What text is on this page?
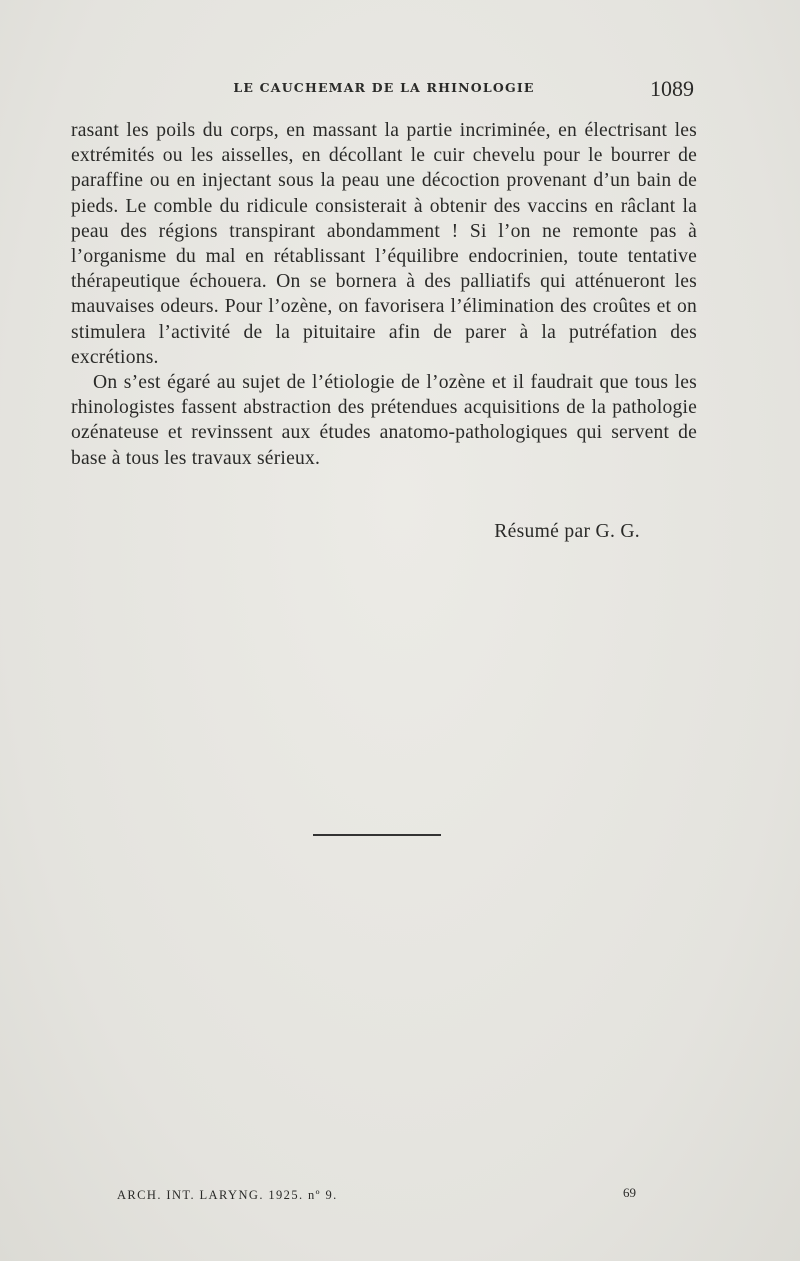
LE CAUCHEMAR DE LA RHINOLOGIE	1089

rasant les poils du corps, en massant la partie incriminée, en électrisant les extrémités ou les aisselles, en décollant le cuir chevelu pour le bourrer de paraffine ou en injectant sous la peau une décoction provenant d’un bain de pieds. Le comble du ridicule consisterait à obtenir des vaccins en râclant la peau des régions transpirant abondamment ! Si l’on ne remonte pas à l’organisme du mal en rétablissant l’équilibre endocrinien, toute tentative thérapeutique échouera. On se bornera à des palliatifs qui atténueront les mauvaises odeurs. Pour l’ozène, on favorisera l’élimination des croûtes et on stimulera l’activité de la pituitaire afin de parer à la putréfation des excrétions.

On s’est égaré au sujet de l’étiologie de l’ozène et il faudrait que tous les rhinologistes fassent abstraction des prétendues acquisitions de la pathologie ozénateuse et revinssent aux études anatomo-pathologiques qui servent de base à tous les travaux sérieux.

Résumé par G. G.
ARCH. INT. LARYNG. 1925. nº 9.	69
